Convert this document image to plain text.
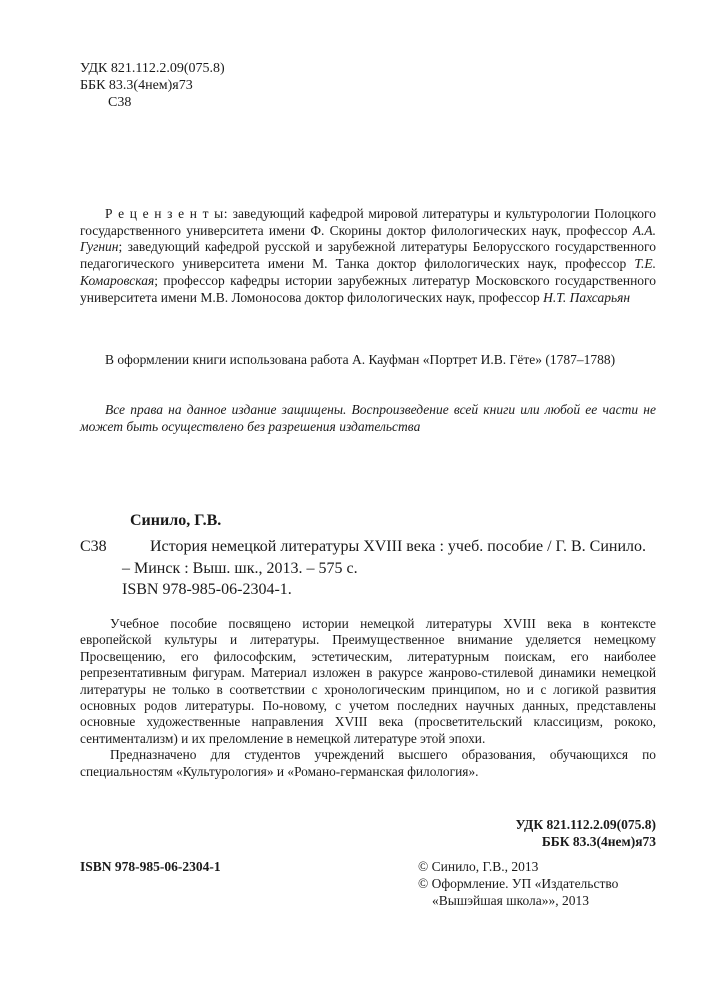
УДК 821.112.2.09(075.8)
ББК 83.3(4нем)я73
С38

Р е ц е н з е н т ы: заведующий кафедрой мировой литературы и культурологии Полоцкого государственного университета имени Ф. Скорины доктор филологических наук, профессор А.А. Гугнин; заведующий кафедрой русской и зарубежной литературы Белорусского государственного педагогического университета имени М. Танка доктор филологических наук, профессор Т.Е. Комаровская; профессор кафедры истории зарубежных литератур Московского государственного университета имени М.В. Ломоносова доктор филологических наук, профессор Н.Т. Пахсарьян

В оформлении книги использована работа А. Кауфман «Портрет И.В. Гёте» (1787–1788)

Все права на данное издание защищены. Воспроизведение всей книги или любой ее части не может быть осуществлено без разрешения издательства

Синило, Г.В.

С38	История немецкой литературы XVIII века : учеб. пособие / Г. В. Синило. – Минск : Выш. шк., 2013. – 575 с.

ISBN 978-985-06-2304-1.

Учебное пособие посвящено истории немецкой литературы XVIII века в контексте европейской культуры и литературы. Преимущественное внимание уделяется немецкому Просвещению, его философским, эстетическим, литературным поискам, его наиболее репрезентативным фигурам. Материал изложен в ракурсе жанрово-стилевой динамики немецкой литературы не только в соответствии с хронологическим принципом, но и с логикой развития основных родов литературы. По-новому, с учетом последних научных данных, представлены основные художественные направления XVIII века (просветительский классицизм, рококо, сентиментализм) и их преломление в немецкой литературе этой эпохи.

Предназначено для студентов учреждений высшего образования, обучающихся по специальностям «Культурология» и «Романо-германская филология».

УДК 821.112.2.09(075.8)
ББК 83.3(4нем)я73
ISBN 978-985-06-2304-1	© Синило, Г.В., 2013
© Оформление. УП «Издательство
«Вышэйшая школа»», 2013
